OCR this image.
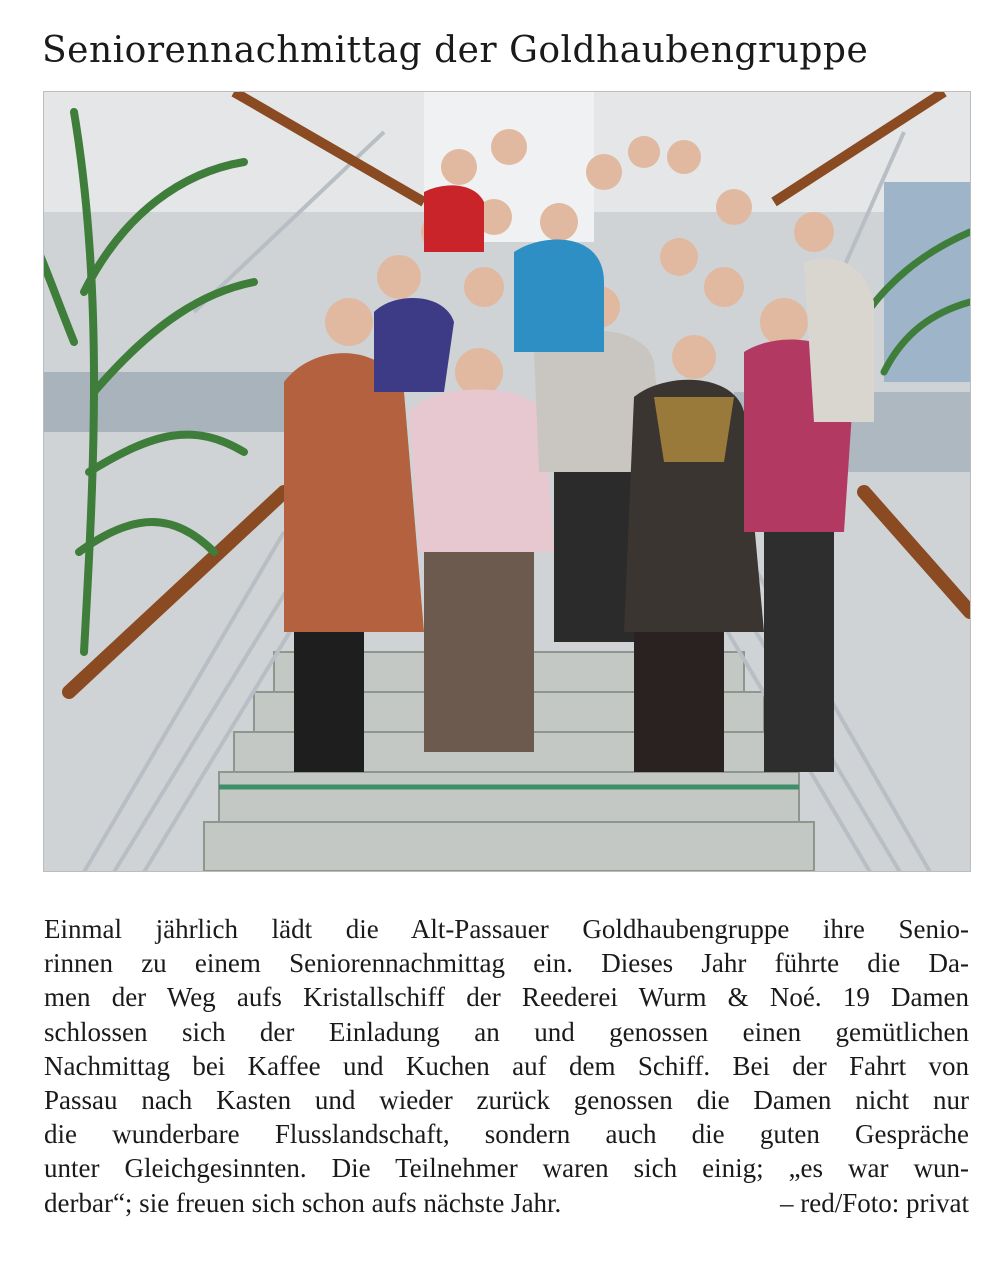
Seniorennachmittag der Goldhaubengruppe
Einmal jährlich lädt die Alt-Passauer Goldhaubengruppe ihre Senio-
rinnen zu einem Seniorennachmittag ein. Dieses Jahr führte die Da-
men der Weg aufs Kristallschiff der Reederei Wurm & Noé. 19 Damen
schlossen sich der Einladung an und genossen einen gemütlichen
Nachmittag bei Kaffee und Kuchen auf dem Schiff. Bei der Fahrt von
Passau nach Kasten und wieder zurück genossen die Damen nicht nur
die wunderbare Flusslandschaft, sondern auch die guten Gespräche
unter Gleichgesinnten. Die Teilnehmer waren sich einig; „es war wun-
derbar“; sie freuen sich schon aufs nächste Jahr.	– red/Foto: privat
